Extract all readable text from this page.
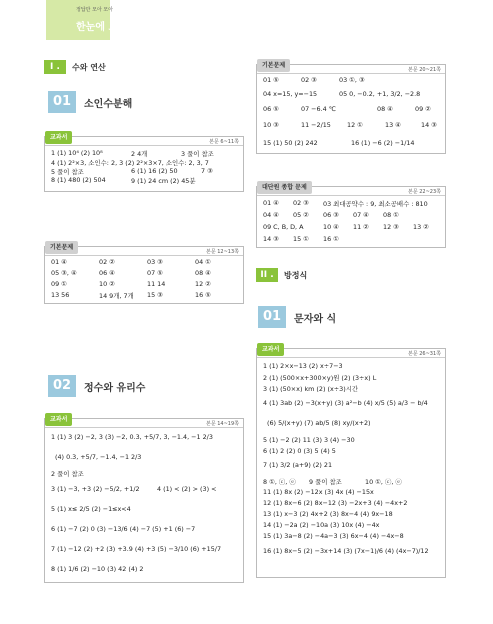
정답만 모아 모아
한눈에 보기
I .	수와 연산
01	소인수분해
교과서
본문 6~11쪽
1 (1) 10⁴ (2) 10⁸	2 4개	3 풀이 참조
4 (1) 2²×3, 소인수: 2, 3 (2) 2²×3×7, 소인수: 2, 3, 7
5 풀이 참조	6 (1) 16 (2) 50	7 ③
8 (1) 480 (2) 504	9 (1) 24 cm (2) 45분
기본문제
본문 12~13쪽
01 ④	02 ②	03 ③	04 ①
05 ③, ④	06 ④	07 ⑤	08 ④
09 ①	10 ②	11 14	12 ②
13 56	14 9개, 7개 15 ③	16 ⑤
02	정수와 유리수
교과서
본문 14~19쪽
1 (1) 3 (2) −2, 3 (3) −2, 0.3, +5/7, 3, −1.4, −1 2/3
(4) 0.3, +5/7, −1.4, −1 2/3
2 풀이 참조
3 (1) −3, +3 (2) −5/2, +1/2	4 (1) < (2) > (3) <
5 (1) x≤ 2/5 (2) −1≤x<4
6 (1) −7 (2) 0 (3) −13/6 (4) −7 (5) +1 (6) −7
7 (1) −12 (2) +2 (3) +3.9 (4) +3 (5) −3/10 (6) +15/7
8 (1) 1/6 (2) −10 (3) 42 (4) 2
기본문제
본문 20~21쪽
01 ⑤	02 ③	03 ①, ③
04 x=15, y=−15	05 0, −0.2, +1, 3/2, −2.8
06 ⑤	07 −6.4 ℃	08 ④	09 ②
10 ③	11 −2/15	12 ①	13 ④	14 ③
15 (1) 50 (2) 242	16 (1) −6 (2) −1/14
대단원 종합 문제
본문 22~23쪽
01 ④ 02 ③ 03 최대공약수 : 9, 최소공배수 : 810
04 ④ 05 ② 06 ③ 07 ④ 08 ①
09 C, B, D, A	10 ④ 11 ② 12 ③ 13 ②
14 ③ 15 ① 16 ①
II .	방정식
01	문자와 식
교과서
본문 26~31쪽
1 (1) 2×x−13 (2) x÷7−3
2 (1) (500×x+300×y)원 (2) (3÷x) L
3 (1) (50×x) km (2) (x÷3)시간
4 (1) 3ab (2) −3(x+y) (3) a²−b (4) x/5 (5) a/3 − b/4
(6) 5/(x+y) (7) ab/5 (8) xy/(x+2)
5 (1) −2 (2) 11 (3) 3 (4) −30
6 (1) 2 (2) 0 (3) 5 (4) 5
7 (1) 3/2 (a+9) (2) 21
8 ①, ⓒ, ⓔ 9 풀이 참조	10 ①, ⓒ, ⓔ
11 (1) 8x (2) −12x (3) 4x (4) −15x
12 (1) 8x−6 (2) 8x−12 (3) −2x+3 (4) −4x+2
13 (1) x−3 (2) 4x+2 (3) 8x−4 (4) 9x−18
14 (1) −2a (2) −10a (3) 10x (4) −4x
15 (1) 3a−8 (2) −4a−3 (3) 6x−4 (4) −4x−8
16 (1) 8x−5 (2) −3x+14 (3) (7x−1)/6 (4) (4x−7)/12
